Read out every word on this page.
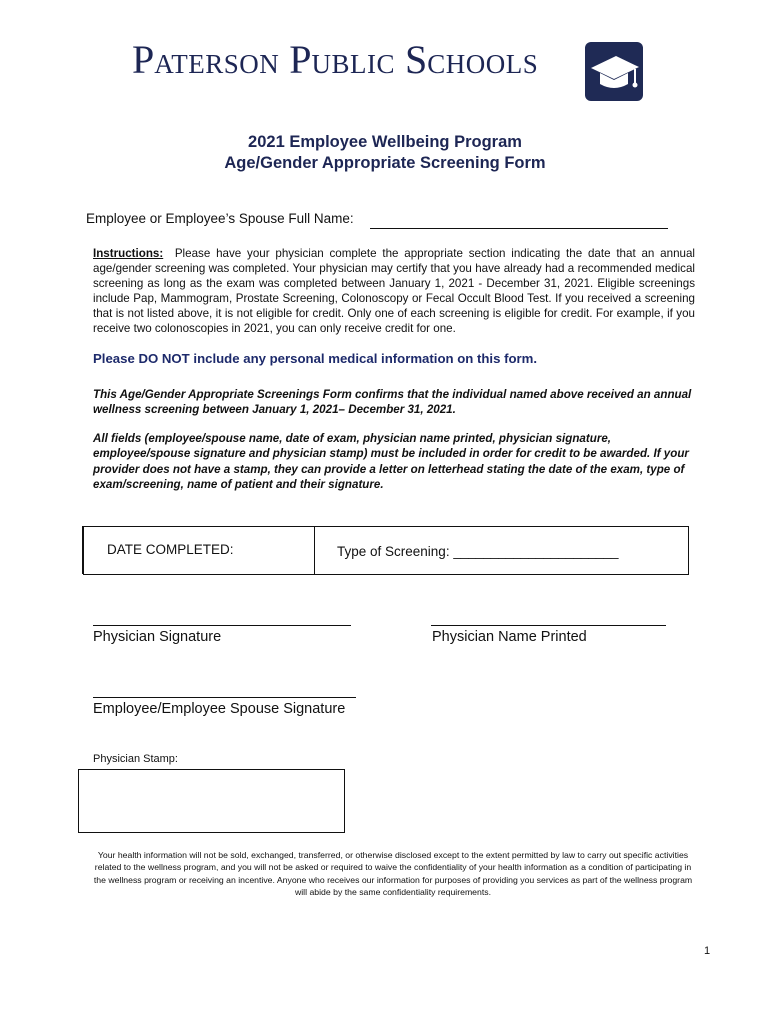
PATERSON PUBLIC SCHOOLS
2021 Employee Wellbeing Program
Age/Gender Appropriate Screening Form
Employee or Employee’s Spouse Full Name:
Instructions: Please have your physician complete the appropriate section indicating the date that an annual age/gender screening was completed. Your physician may certify that you have already had a recommended medical screening as long as the exam was completed between January 1, 2021 - December 31, 2021. Eligible screenings include Pap, Mammogram, Prostate Screening, Colonoscopy or Fecal Occult Blood Test. If you received a screening that is not listed above, it is not eligible for credit. Only one of each screening is eligible for credit. For example, if you receive two colonoscopies in 2021, you can only receive credit for one.
Please DO NOT include any personal medical information on this form.
This Age/Gender Appropriate Screenings Form confirms that the individual named above received an annual wellness screening between January 1, 2021– December 31, 2021.
All fields (employee/spouse name, date of exam, physician name printed, physician signature, employee/spouse signature and physician stamp) must be included in order for credit to be awarded. If your provider does not have a stamp, they can provide a letter on letterhead stating the date of the exam, type of exam/screening, name of patient and their signature.
DATE COMPLETED:	Type of Screening: ______________________
Physician Signature	Physician Name Printed
Employee/Employee Spouse Signature
Physician Stamp:
Your health information will not be sold, exchanged, transferred, or otherwise disclosed except to the extent permitted by law to carry out specific activities related to the wellness program, and you will not be asked or required to waive the confidentiality of your health information as a condition of participating in the wellness program or receiving an incentive. Anyone who receives our information for purposes of providing you services as part of the wellness program will abide by the same confidentiality requirements.
1
